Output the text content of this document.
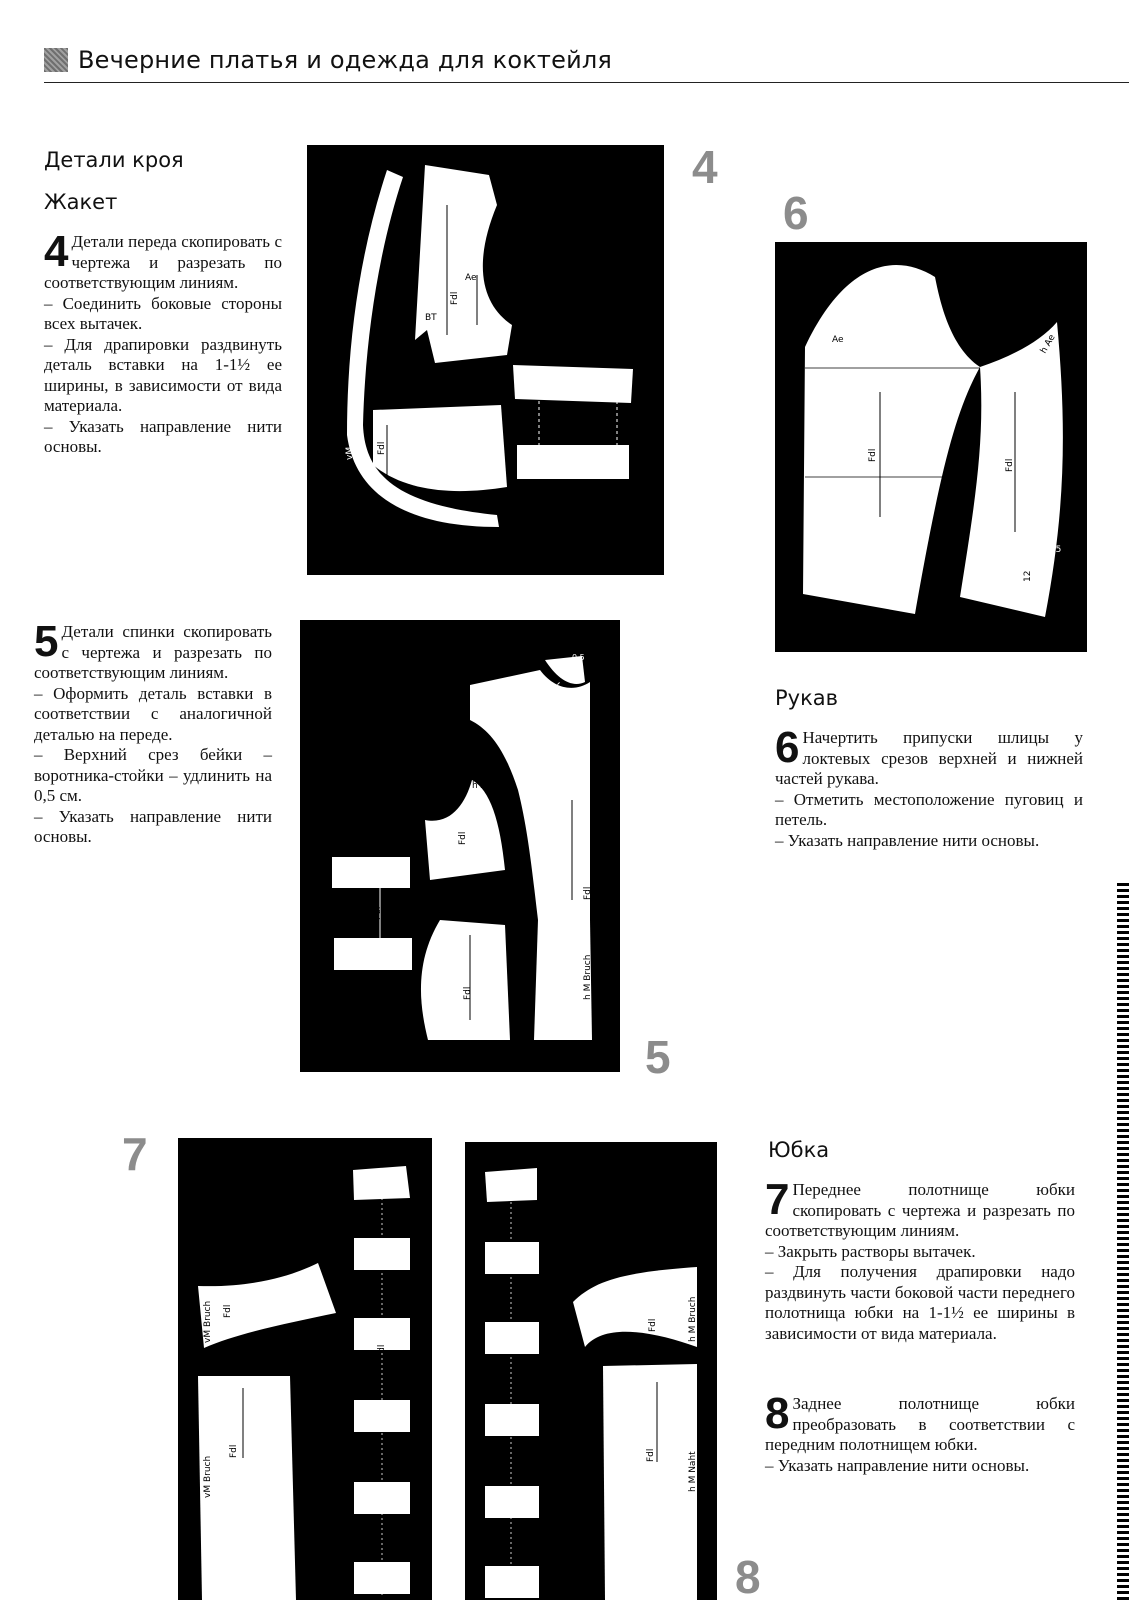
Вечерние платья и одежда для коктейля
Детали кроя
Жакет
4 Детали переда скопировать с чертежа и разрезать по соответствующим линиям.

– Соединить боковые стороны всех вытачек.

– Для драпировки раздвинуть деталь вставки на 1-1½ ее ширины, в зависимости от вида материала.

– Указать направление нити основы.

5 Детали спинки скопировать с чертежа и разрезать по соответствующим линиям.

– Оформить деталь вставки в соответствии с аналогичной деталью на переде.

– Верхний срез бейки – воротника-стойки – удлинить на 0,5 см.

– Указать направление нити основы.

Рукав
6 Начертить припуски шлицы у локтевых срезов верхней и нижней частей рукава.

– Отметить местоположение пуговиц и петель.

– Указать направление нити основы.

Юбка
7 Переднее полотнище юбки скопировать с чертежа и разрезать по соответствующим линиям.

– Закрыть растворы вытачек.

– Для получения драпировки надо раздвинуть части боковой части переднего полотнища юбки на 1-1½ ее ширины в зависимости от вида материала.

8 Заднее полотнище юбки преобразовать в соответствии с передним полотнищем юбки.

– Указать направление нити основы.

Ae
Fdl
BT
Fdl
vM
4
h Ae
Fdl
Fdl
h M Bruch
Fdl
Fdl
hMN
0,5
5
6
Ae	h Ae
Fdl
Fdl
2,5
2,5
12
7
vM Bruch Fdl
vM Bruch
Fdl
Fdl
h M Bruch
Fdl
h M Naht
Fdl
8
